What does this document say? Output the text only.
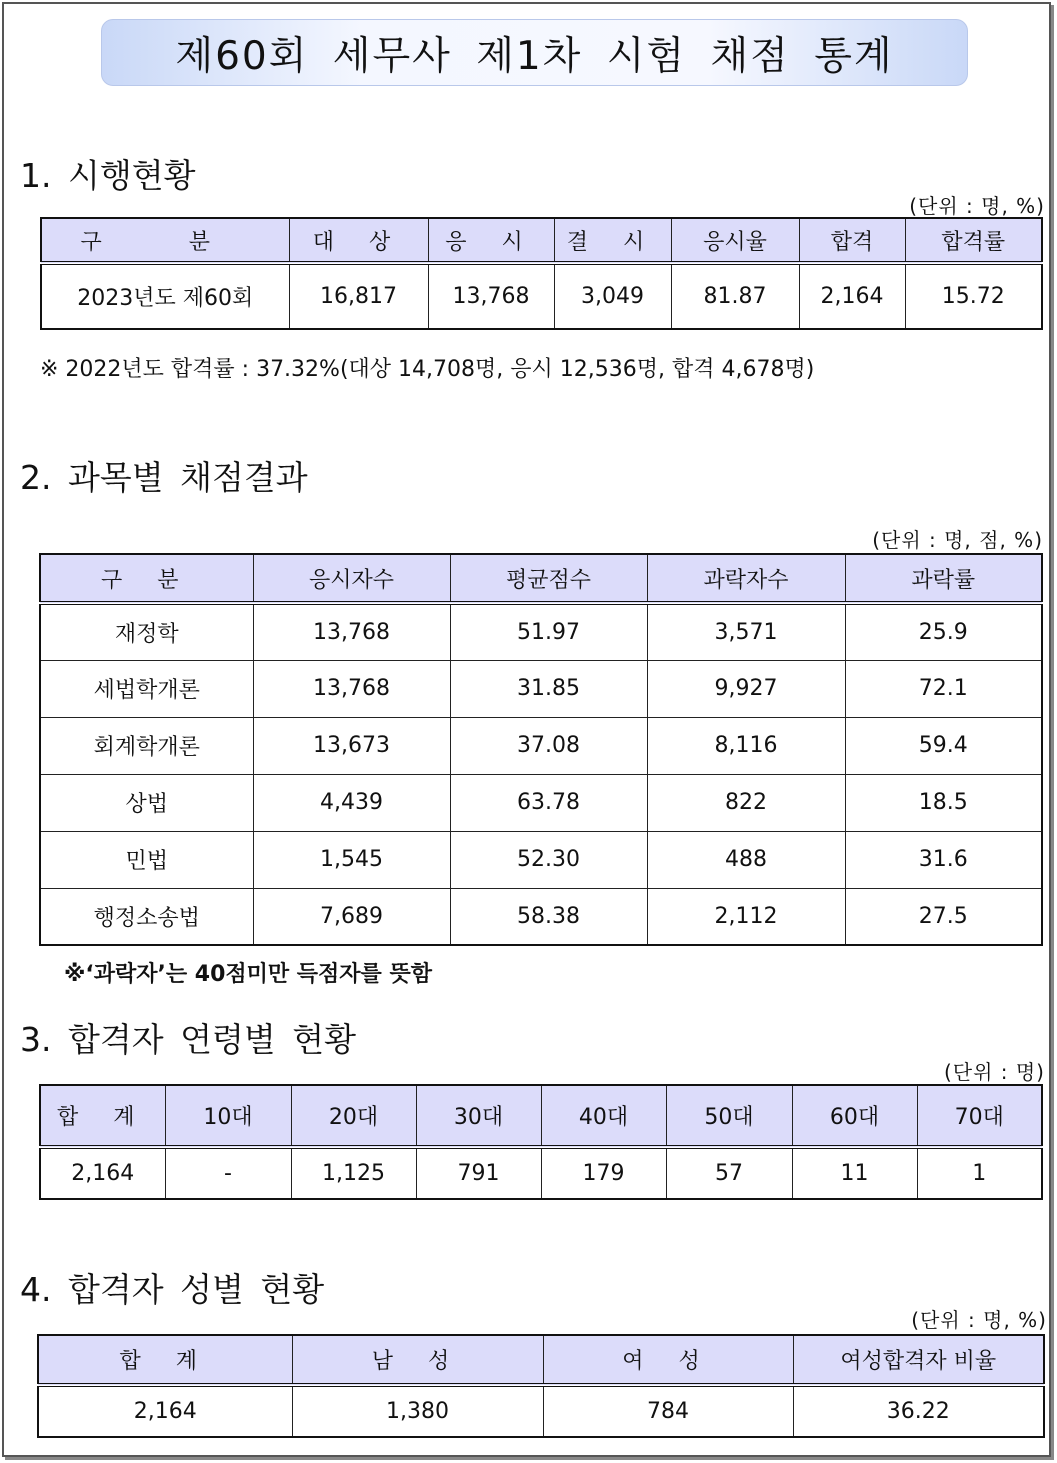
제60회 세무사 제1차 시험 채점 통계
1. 시행현황
(단위 : 명, %)
구 분	대 상	응 시	결 시	응시율	합격	합격률
2023년도 제60회	16,817	13,768	3,049	81.87	2,164	15.72
※ 2022년도 합격률 : 37.32%(대상 14,708명, 응시 12,536명, 합격 4,678명)
2. 과목별 채점결과
(단위 : 명, 점, %)
구 분	응시자수	평균점수	과락자수	과락률
재정학	13,768	51.97	3,571	25.9
세법학개론	13,768	31.85	9,927	72.1
회계학개론	13,673	37.08	8,116	59.4
상법	4,439	63.78	822	18.5
민법	1,545	52.30	488	31.6
행정소송법	7,689	58.38	2,112	27.5
※‘과락자’는 40점미만 득점자를 뜻함
3. 합격자 연령별 현황
(단위 : 명)
합 계	10대	20대	30대	40대	50대	60대	70대
2,164	-	1,125	791	179	57	11	1
4. 합격자 성별 현황
(단위 : 명, %)
합 계	남 성	여 성	여성합격자 비율
2,164	1,380	784	36.22
